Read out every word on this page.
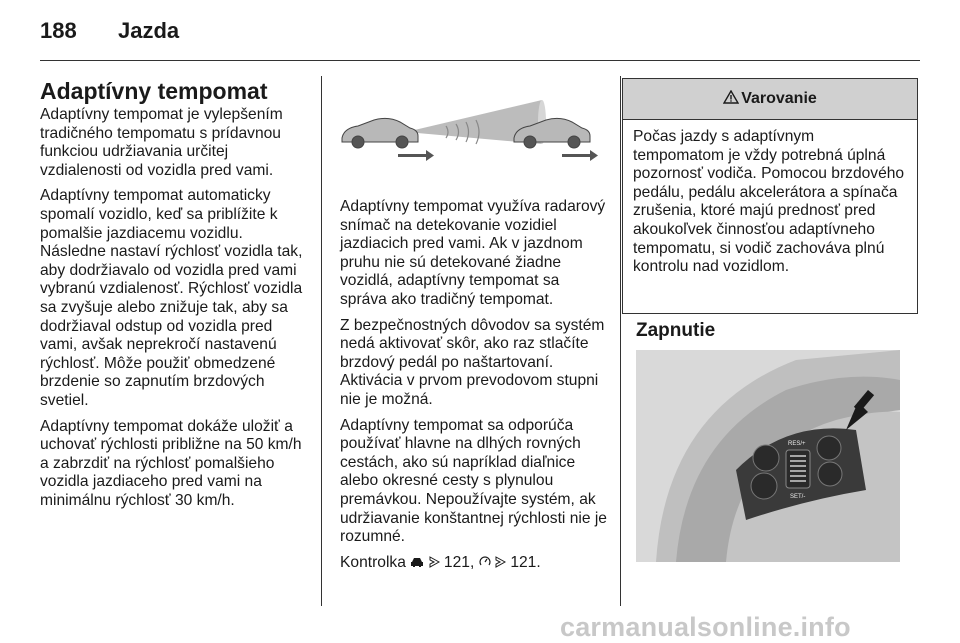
188 Jazda
Adaptívny tempomat

Adaptívny tempomat je vylepšením tradičného tempomatu s prídavnou funkciou udržiavania určitej vzdialenosti od vozidla pred vami.

Adaptívny tempomat automaticky spomalí vozidlo, keď sa priblížite k pomalšie jazdiacemu vozidlu. Následne nastaví rýchlosť vozidla tak, aby dodržiavalo od vozidla pred vami vybranú vzdialenosť. Rýchlosť vozidla sa zvyšuje alebo znižuje tak, aby sa dodržiaval odstup od vozidla pred vami, avšak neprekročí nastavenú rýchlosť. Môže použiť obmedzené brzdenie so zapnutím brzdových svetiel.

Adaptívny tempomat dokáže uložiť a uchovať rýchlosti približne na 50 km/h a zabrzdiť na rýchlosť pomalšieho vozidla jazdiaceho pred vami na minimálnu rýchlosť 30 km/h.

Adaptívny tempomat využíva radarový snímač na detekovanie vozidiel jazdiacich pred vami. Ak v jazdnom pruhu nie sú detekované žiadne vozidlá, adaptívny tempomat sa správa ako tradičný tempomat.

Z bezpečnostných dôvodov sa systém nedá aktivovať skôr, ako raz stlačíte brzdový pedál po naštartovaní. Aktivácia v prvom prevodovom stupni nie je možná.

Adaptívny tempomat sa odporúča používať hlavne na dlhých rovných cestách, ako sú napríklad diaľnice alebo okresné cesty s plynulou premávkou. Nepoužívajte systém, ak udržiavanie konštantnej rýchlosti nie je rozumné.

Kontrolka 121, 121.

Varovanie
Počas jazdy s adaptívnym tempomatom je vždy potrebná úplná pozornosť vodiča. Pomocou brzdového pedálu, pedálu akcelerátora a spínača zrušenia, ktoré majú prednosť pred akoukoľvek činnosťou adaptívneho tempomatu, si vodič zachováva plnú kontrolu nad vozidlom.
Zapnutie
RES/+
SET/-
carmanualsonline.info
